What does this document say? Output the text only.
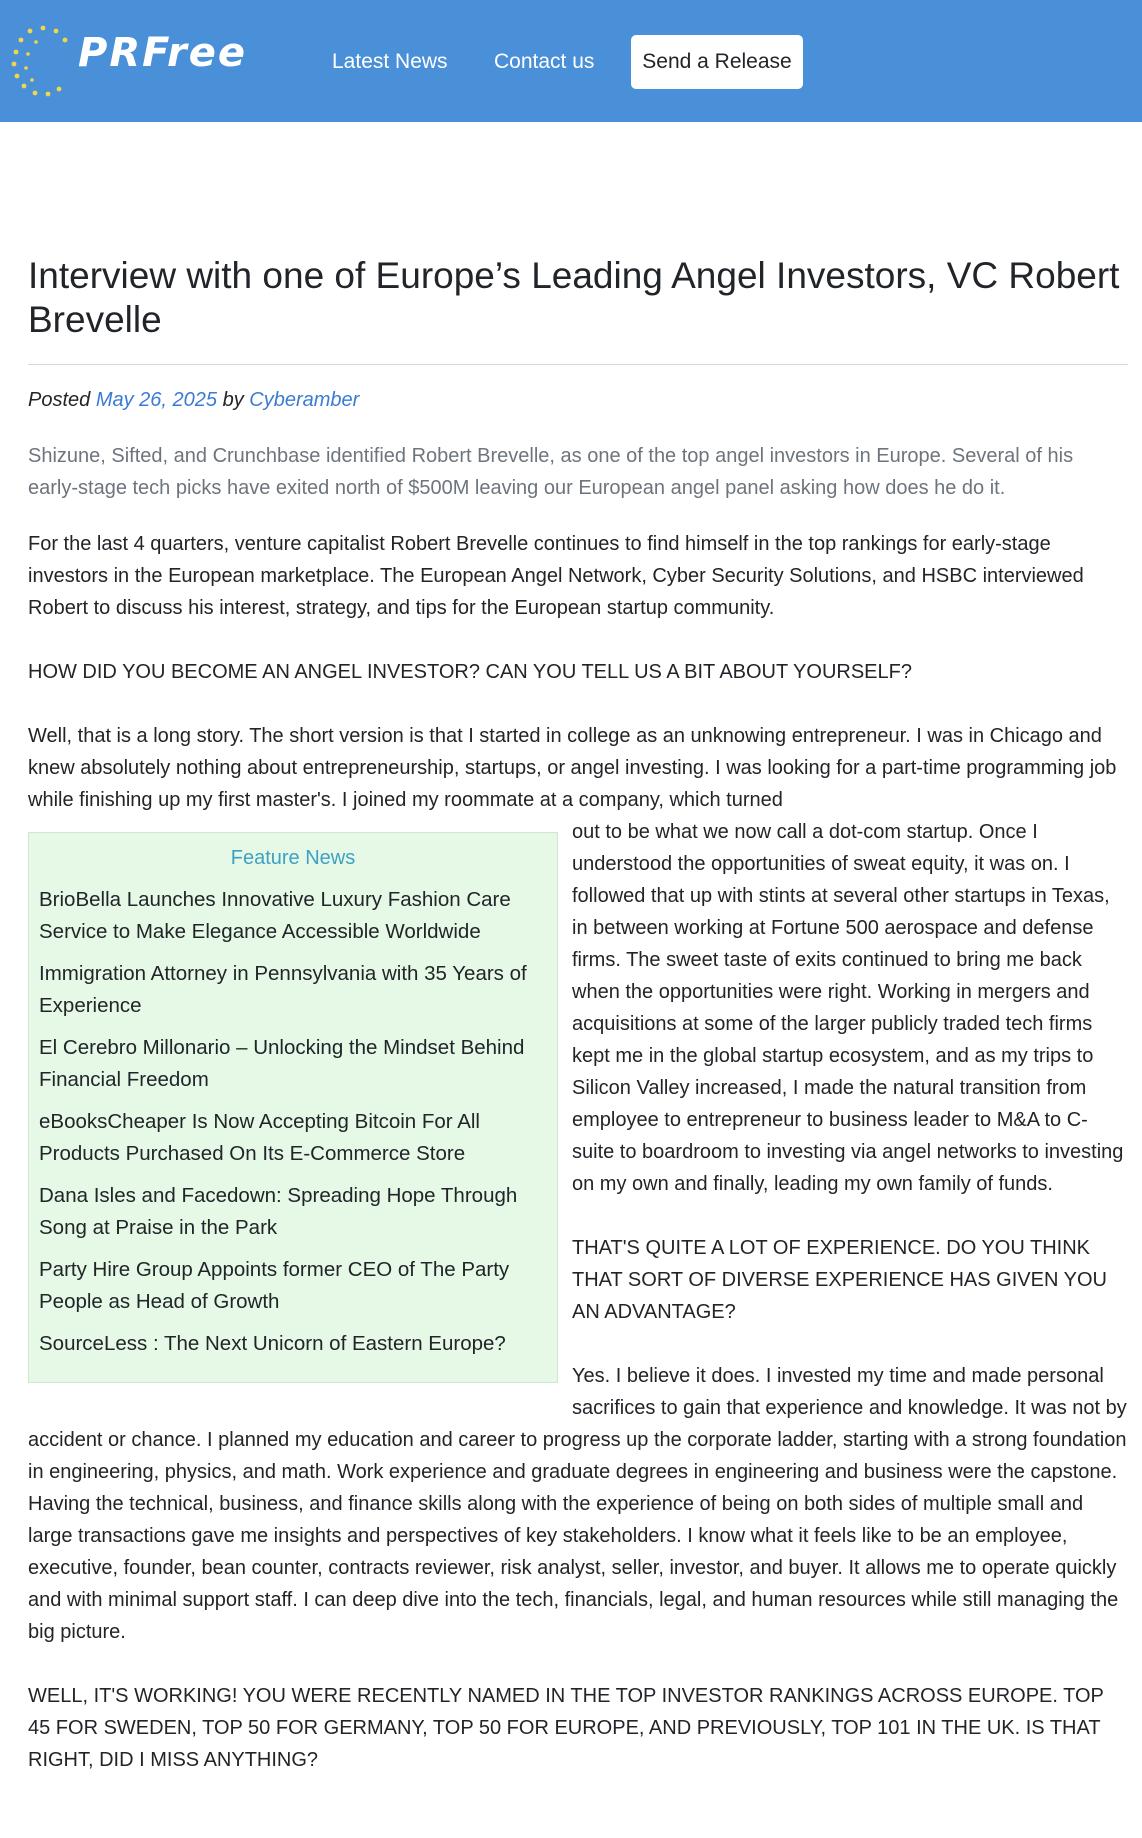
PRFree	Latest News Contact us	Send a Release
Interview with one of Europe’s Leading Angel Investors, VC Robert Brevelle
Posted May 26, 2025 by Cyberamber

Shizune, Sifted, and Crunchbase identified Robert Brevelle, as one of the top angel investors in Europe. Several of his early-stage tech picks have exited north of $500M leaving our European angel panel asking how does he do it.

For the last 4 quarters, venture capitalist Robert Brevelle continues to find himself in the top rankings for early-stage investors in the European marketplace. The European Angel Network, Cyber Security Solutions, and HSBC interviewed Robert to discuss his interest, strategy, and tips for the European startup community.

HOW DID YOU BECOME AN ANGEL INVESTOR? CAN YOU TELL US A BIT ABOUT YOURSELF?

Well, that is a long story. The short version is that I started in college as an unknowing entrepreneur. I was in Chicago and knew absolutely nothing about entrepreneurship, startups, or angel investing. I was looking for a part-time programming job while finishing up my first master's. I joined my roommate at a company, which turned

Feature News
BrioBella Launches Innovative Luxury Fashion Care Service to Make Elegance Accessible Worldwide
Immigration Attorney in Pennsylvania with 35 Years of Experience
El Cerebro Millonario – Unlocking the Mindset Behind Financial Freedom
eBooksCheaper Is Now Accepting Bitcoin For All Products Purchased On Its E-Commerce Store
Dana Isles and Facedown: Spreading Hope Through Song at Praise in the Park
Party Hire Group Appoints former CEO of The Party People as Head of Growth
SourceLess : The Next Unicorn of Eastern Europe?

out to be what we now call a dot-com startup. Once I understood the opportunities of sweat equity, it was on. I followed that up with stints at several other startups in Texas, in between working at Fortune 500 aerospace and defense firms. The sweet taste of exits continued to bring me back when the opportunities were right. Working in mergers and acquisitions at some of the larger publicly traded tech firms kept me in the global startup ecosystem, and as my trips to Silicon Valley increased, I made the natural transition from employee to entrepreneur to business leader to M&A to C-suite to boardroom to investing via angel networks to investing on my own and finally, leading my own family of funds.

THAT'S QUITE A LOT OF EXPERIENCE. DO YOU THINK THAT SORT OF DIVERSE EXPERIENCE HAS GIVEN YOU AN ADVANTAGE?

Yes. I believe it does. I invested my time and made personal sacrifices to gain that experience and knowledge. It was not by accident or chance. I planned my education and career to progress up the corporate ladder, starting with a strong foundation in engineering, physics, and math. Work experience and graduate degrees in engineering and business were the capstone. Having the technical, business, and finance skills along with the experience of being on both sides of multiple small and large transactions gave me insights and perspectives of key stakeholders. I know what it feels like to be an employee, executive, founder, bean counter, contracts reviewer, risk analyst, seller, investor, and buyer. It allows me to operate quickly and with minimal support staff. I can deep dive into the tech, financials, legal, and human resources while still managing the big picture.

WELL, IT'S WORKING! YOU WERE RECENTLY NAMED IN THE TOP INVESTOR RANKINGS ACROSS EUROPE. TOP 45 FOR SWEDEN, TOP 50 FOR GERMANY, TOP 50 FOR EUROPE, AND PREVIOUSLY, TOP 101 IN THE UK. IS THAT RIGHT, DID I MISS ANYTHING?
